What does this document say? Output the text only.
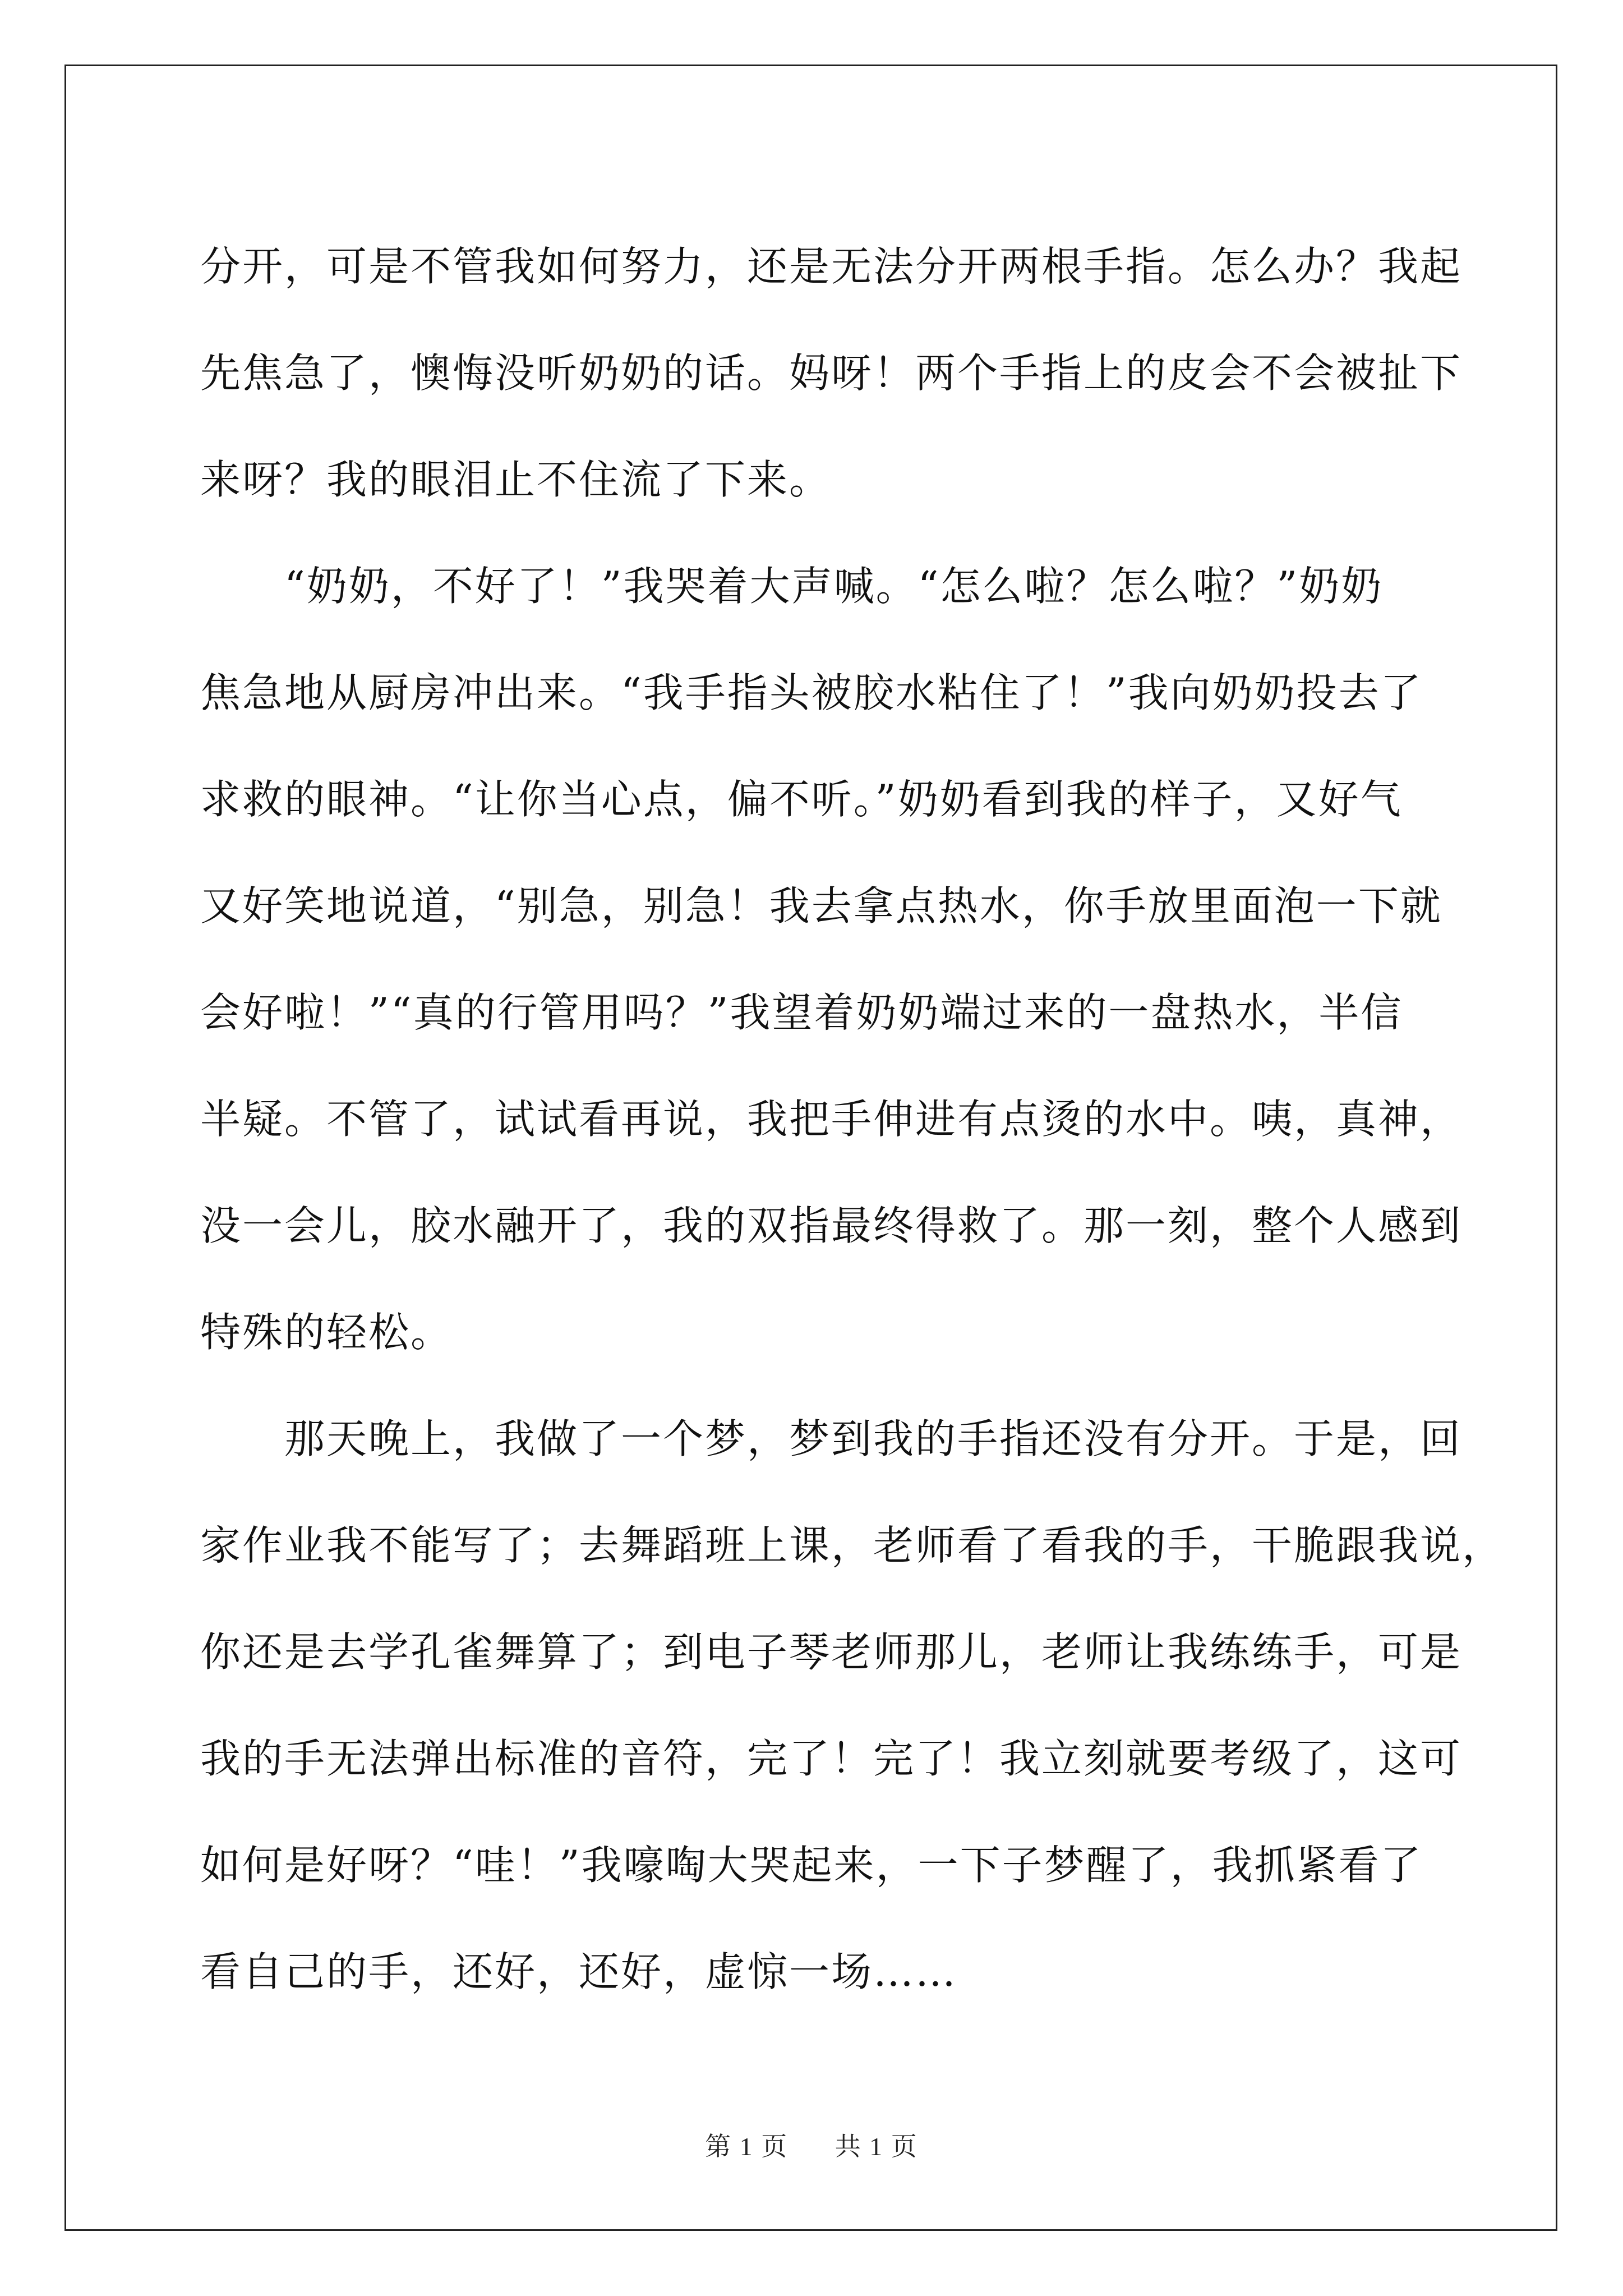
分开，可是不管我如何努力，还是无法分开两根手指。怎么办？我起
先焦急了，懊悔没听奶奶的话。妈呀！两个手指上的皮会不会被扯下
来呀？我的眼泪止不住流了下来。
“奶奶，不好了！”我哭着大声喊。“怎么啦？怎么啦？”奶奶
焦急地从厨房冲出来。“我手指头被胶水粘住了！”我向奶奶投去了
求救的眼神。“让你当心点，偏不听。”奶奶看到我的样子，又好气
又好笑地说道，“别急，别急！我去拿点热水，你手放里面泡一下就
会好啦！”“真的行管用吗？”我望着奶奶端过来的一盘热水，半信
半疑。不管了，试试看再说，我把手伸进有点烫的水中。咦，真神，
没一会儿，胶水融开了，我的双指最终得救了。那一刻，整个人感到
特殊的轻松。
那天晚上，我做了一个梦，梦到我的手指还没有分开。于是，回
家作业我不能写了；去舞蹈班上课，老师看了看我的手，干脆跟我说，
你还是去学孔雀舞算了；到电子琴老师那儿，老师让我练练手，可是
我的手无法弹出标准的音符，完了！完了！我立刻就要考级了，这可
如何是好呀？“哇！”我嚎啕大哭起来，一下子梦醒了，我抓紧看了
看自己的手，还好，还好，虚惊一场……
第 1 页 共 1 页
